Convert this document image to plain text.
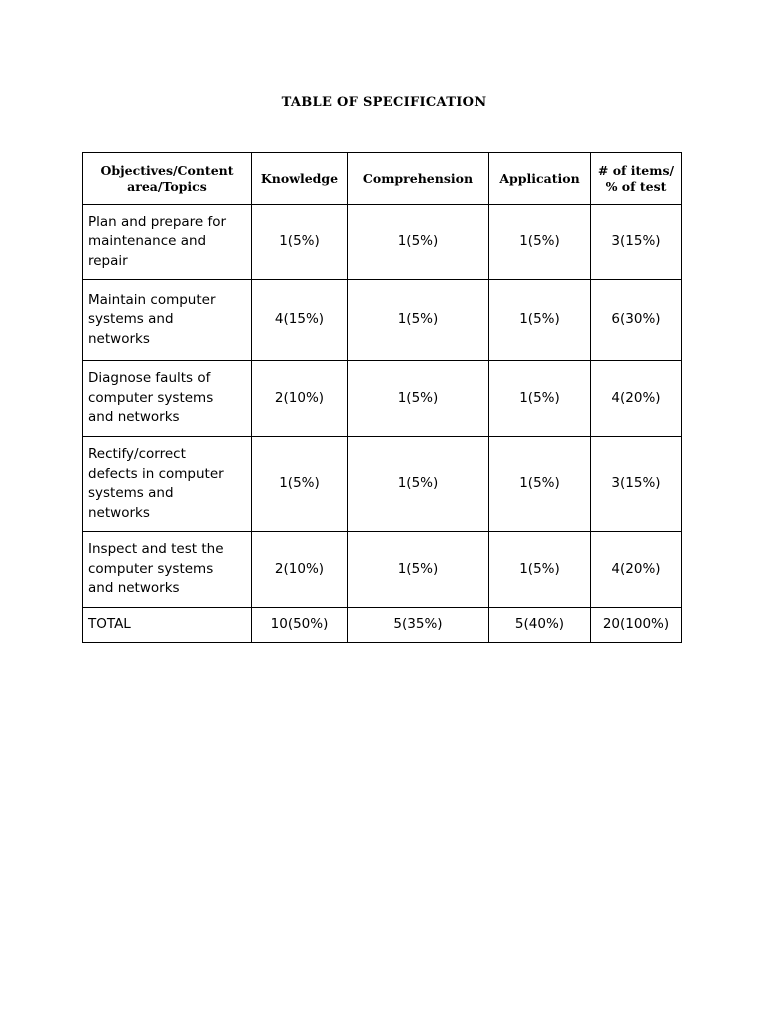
TABLE OF SPECIFICATION
Objectives/Content
area/Topics	Knowledge	Comprehension	Application	# of items/
% of test
Plan and prepare for
maintenance and
repair	1(5%)	1(5%)	1(5%)	3(15%)
Maintain computer
systems and
networks	4(15%)	1(5%)	1(5%)	6(30%)
Diagnose faults of
computer systems
and networks	2(10%)	1(5%)	1(5%)	4(20%)
Rectify/correct
defects in computer
systems and
networks	1(5%)	1(5%)	1(5%)	3(15%)
Inspect and test the
computer systems
and networks	2(10%)	1(5%)	1(5%)	4(20%)
TOTAL	10(50%)	5(35%)	5(40%)	20(100%)
